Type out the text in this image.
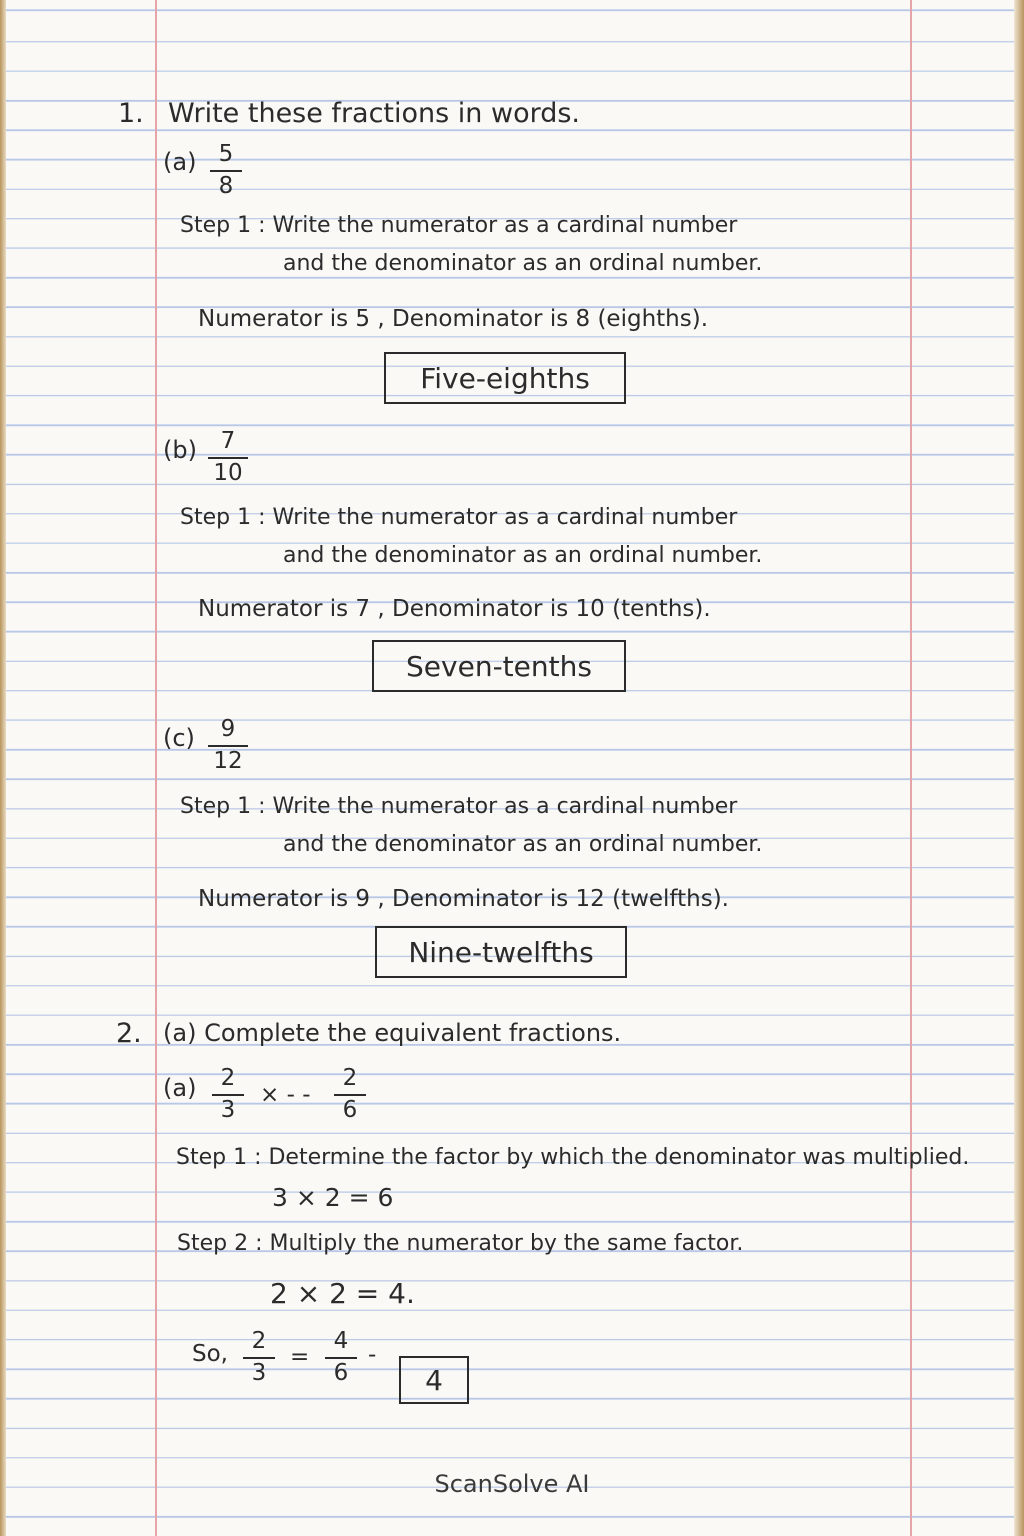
1. Write these fractions in words.
(a) 5
8
Step 1 : Write the numerator as a cardinal number
and the denominator as an ordinal number.
Numerator is 5 , Denominator is 8 (eighths).
Five-eighths
(b) 7
10
Step 1 : Write the numerator as a cardinal number
and the denominator as an ordinal number.
Numerator is 7 , Denominator is 10 (tenths).
Seven-tenths
(c) 9
12
Step 1 : Write the numerator as a cardinal number
and the denominator as an ordinal number.
Numerator is 9 , Denominator is 12 (twelfths).
Nine-twelfths
2. (a) Complete the equivalent fractions.
(a) 2
3
× - -
2
6
Step 1 : Determine the factor by which the denominator was multiplied.
3 × 2 = 6
Step 2 : Multiply the numerator by the same factor.
2 × 2 = 4.
So, 2
3
=
4
6
-
4
ScanSolve AI
